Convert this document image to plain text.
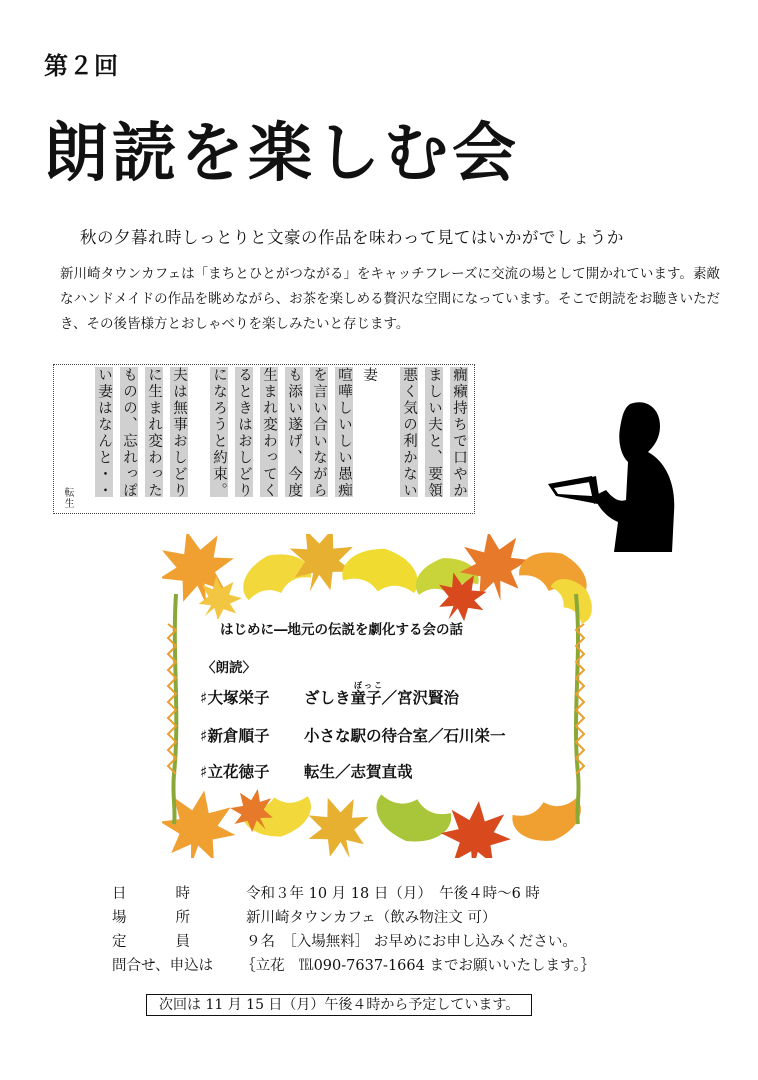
第２回
朗読を楽しむ会
秋の夕暮れ時しっとりと文豪の作品を味わって見てはいかがでしょうか
新川崎タウンカフェは「まちとひとがつながる」をキャッチフレーズに交流の場として開かれています。素敵なハンドメイドの作品を眺めながら、お茶を楽しめる贅沢な空間になっています。そこで朗読をお聴きいただき、その後皆様方とおしゃべりを楽しみたいと存じます。
癇癪持ちで口やか
ましい夫と、要領
悪く気の利かない
妻
喧嘩しいしい愚痴
を言い合いながら
も添い遂げ、今度
生まれ変わってく
るときはおしどり
になろうと約束。
夫は無事おしどり
に生まれ変わった
ものの、忘れっぽ
い妻はなんと・・
転生
はじめに―地元の伝説を劇化する会の話
〈朗読〉
ぼっこ
♯大塚栄子 ざしき童子／宮沢賢治
♯新倉順子 小さな駅の待合室／石川栄一
♯立花徳子 転生／志賀直哉
日	時	令和３年 10 月 18 日（月）　午後４時～6 時
場	所	新川崎タウンカフェ（飲み物注文 可）
定	員	９名　［入場無料］ お早めにお申し込みください。
問合せ、申込は ｛立花　℡090-7637-1664 までお願いいたします。｝
次回は 11 月 15 日（月）午後４時から予定しています。
